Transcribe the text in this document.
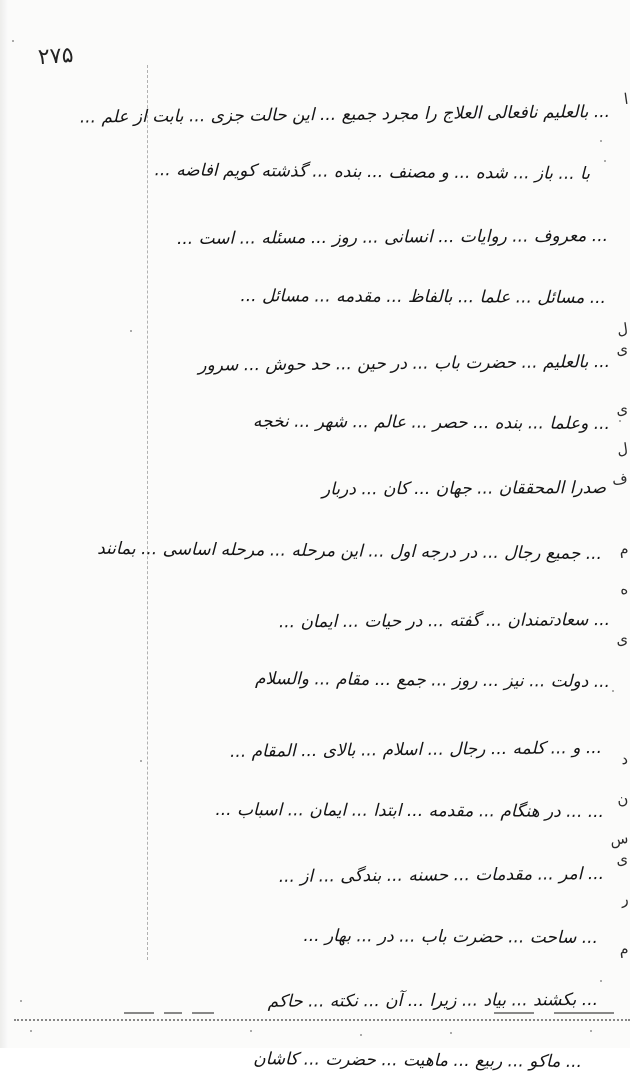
۲۷۵
... بالعلیم نافعالی العلاج را مجرد جمیع ... این حالت جزی ... بابت از علم ...
با ... باز ... شده ... و مصنف ... بنده ... گذشته کویم افاضه ...
... معروف ... روایات ... انسانی ... روز ... مسئله ... است ...
... مسائل ... علما ... بالفاظ ... مقدمه ... مسائل ...
... بالعلیم ... حضرت باب ... در حین ... حد حوش ... سرور
... وعلما ... بنده ... حصر ... عالم ... شهر ... نخجه
صدرا المحققان ... جهان ... کان ... دربار
... جمیع رجال ... در درجه اول ... این مرحله ... مرحله اساسی ... بمانند
... سعادتمندان ... گفته ... در حیات ... ایمان ...
... دولت ... نیز ... روز ... جمع ... مقام ... والسلام
... و ... کلمه ... رجال ... اسلام ... بالای ... المقام ...
... ... در هنگام ... مقدمه ... ابتدا ... ایمان ... اسباب ...
... امر ... مقدمات ... حسنه ... بندگی ... از ...
... ساحت ... حضرت باب ... در ... بهار ...
... بکشند ... بیاد ... زیرا ... آن ... نکته ... حاکم
... ماکو ... ربیع ... ماهیت ... حضرت ... کاشان
ا
ل
ی
ی
ل
ف
م
ه
ی
د
ن
س
ی
ر
م
